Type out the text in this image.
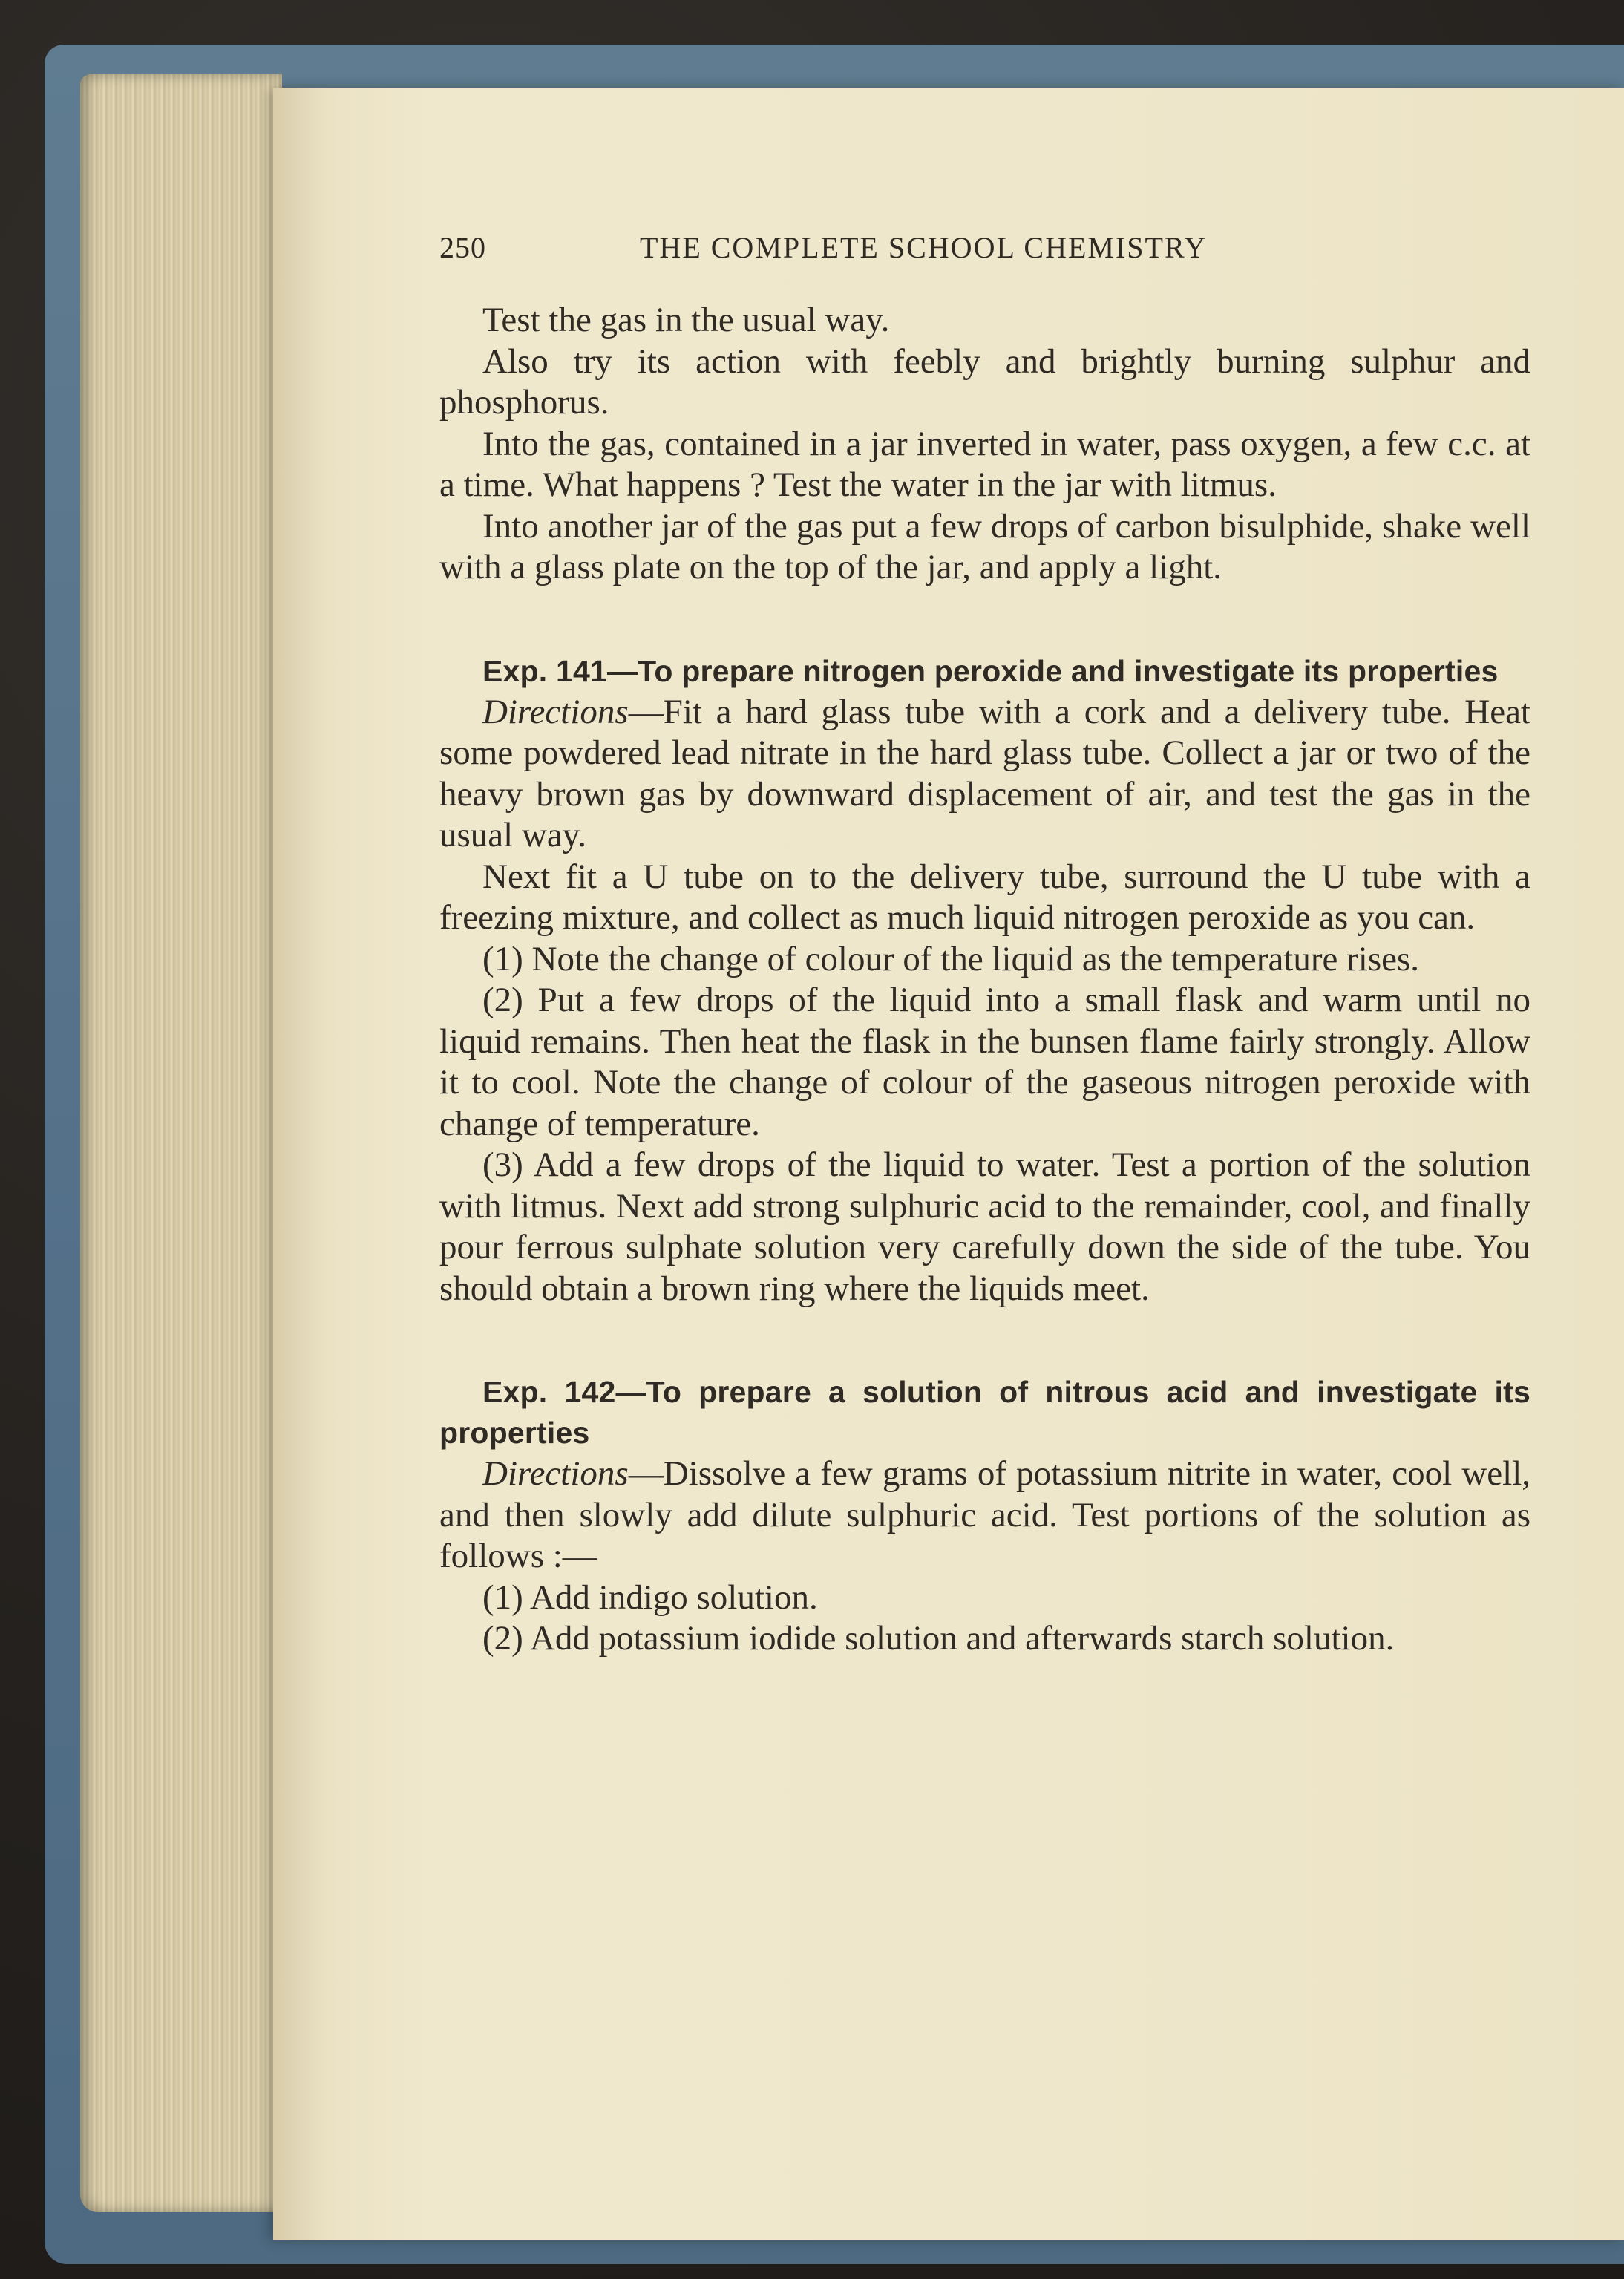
250	THE COMPLETE SCHOOL CHEMISTRY

Test the gas in the usual way.

Also try its action with feebly and brightly burning sulphur and phosphorus.

Into the gas, contained in a jar inverted in water, pass oxygen, a few c.c. at a time. What happens ? Test the water in the jar with litmus.

Into another jar of the gas put a few drops of carbon bisulphide, shake well with a glass plate on the top of the jar, and apply a light.

Exp. 141—To prepare nitrogen peroxide and investigate its properties

Directions—Fit a hard glass tube with a cork and a delivery tube. Heat some powdered lead nitrate in the hard glass tube. Collect a jar or two of the heavy brown gas by downward displacement of air, and test the gas in the usual way.

Next fit a U tube on to the delivery tube, surround the U tube with a freezing mixture, and collect as much liquid nitrogen peroxide as you can.

(1) Note the change of colour of the liquid as the temperature rises.

(2) Put a few drops of the liquid into a small flask and warm until no liquid remains. Then heat the flask in the bunsen flame fairly strongly. Allow it to cool. Note the change of colour of the gaseous nitrogen peroxide with change of temperature.

(3) Add a few drops of the liquid to water. Test a portion of the solution with litmus. Next add strong sulphuric acid to the remainder, cool, and finally pour ferrous sulphate solution very carefully down the side of the tube. You should obtain a brown ring where the liquids meet.

Exp. 142—To prepare a solution of nitrous acid and investigate its properties

Directions—Dissolve a few grams of potassium nitrite in water, cool well, and then slowly add dilute sulphuric acid. Test portions of the solution as follows :—

(1) Add indigo solution.

(2) Add potassium iodide solution and afterwards starch solution.
